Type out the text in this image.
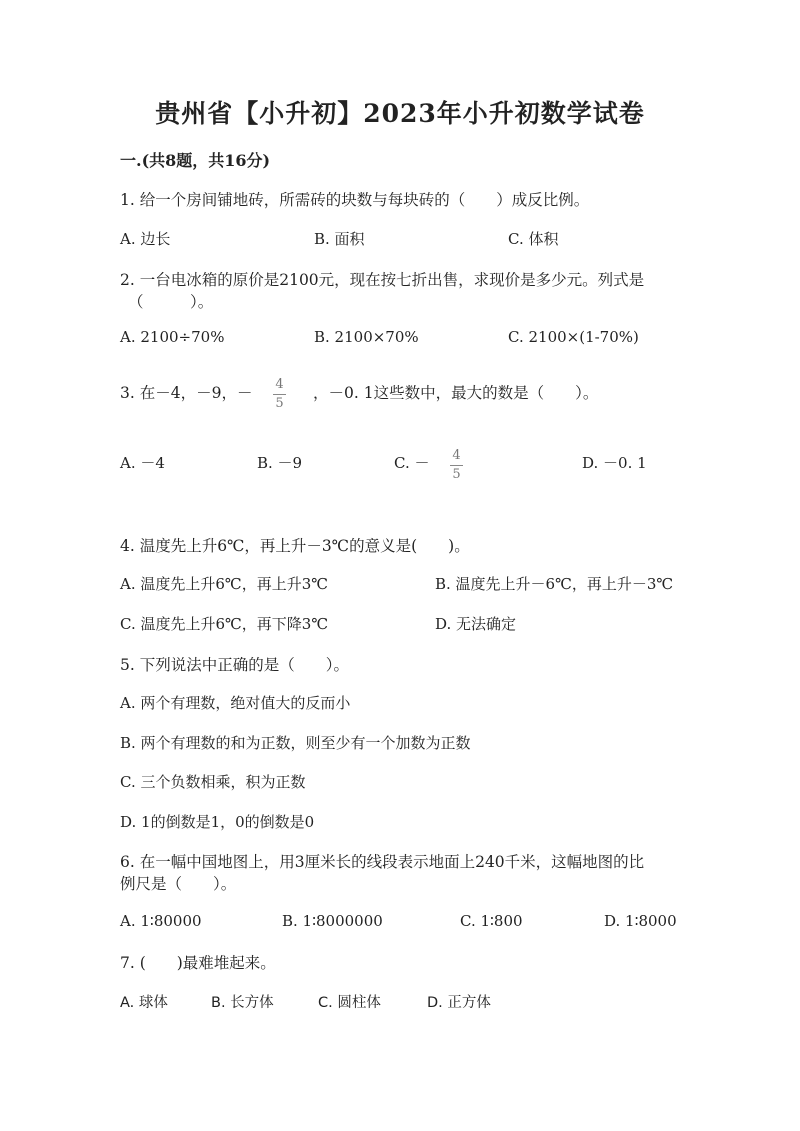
贵州省【小升初】2023年小升初数学试卷
一.(共8题，共16分)
1. 给一个房间铺地砖，所需砖的块数与每块砖的（　　）成反比例。
A. 边长	B. 面积	C. 体积
2. 一台电冰箱的原价是2100元，现在按七折出售，求现价是多少元。列式是
（　　　）。
A. 2100÷70%	B. 2100×70%	C. 2100×(1-70%)
3. 在－4，－9，－ 4
5
，－0. 1这些数中，最大的数是（　　）。
A. －4	B. －9	C. － 4
5
D. －0. 1
4. 温度先上升6℃，再上升－3℃的意义是(　　)。
A. 温度先上升6℃，再上升3℃	B. 温度先上升－6℃，再上升－3℃
C. 温度先上升6℃，再下降3℃	D. 无法确定
5. 下列说法中正确的是（　　）。
A. 两个有理数，绝对值大的反而小
B. 两个有理数的和为正数，则至少有一个加数为正数
C. 三个负数相乘，积为正数
D. 1的倒数是1，0的倒数是0
6. 在一幅中国地图上，用3厘米长的线段表示地面上240千米，这幅地图的比
例尺是（　　）。
A. 1∶80000	B. 1∶8000000	C. 1∶800	D. 1∶8000
7. (　　)最难堆起来。
A. 球体	B. 长方体	C. 圆柱体	D. 正方体
